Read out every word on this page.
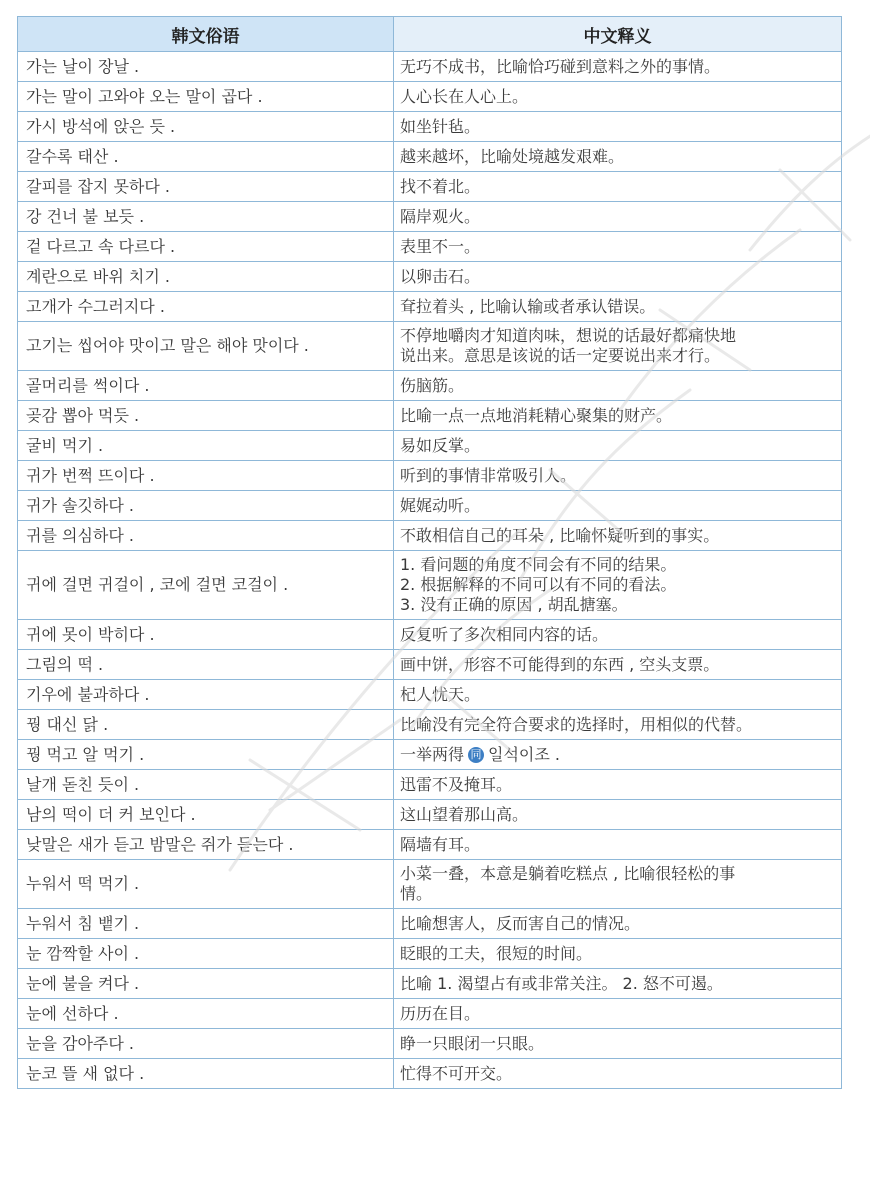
韩文俗语	中文释义
가는 날이 장날 .	无巧不成书，比喻恰巧碰到意料之外的事情。

가는 말이 고와야 오는 말이 곱다 .	人心长在人心上。

가시 방석에 앉은 듯 .	如坐针毡。

갈수록 태산 .	越来越坏，比喻处境越发艰难。

갈피를 잡지 못하다 .	找不着北。

강 건너 불 보듯 .	隔岸观火。

겉 다르고 속 다르다 .	表里不一。

계란으로 바위 치기 .	以卵击石。

고개가 수그러지다 .	耷拉着头 , 比喻认输或者承认错误。

고기는 씹어야 맛이고 말은 해야 맛이다 .	不停地嚼肉才知道肉味，想说的话最好都痛快地
说出来。意思是该说的话一定要说出来才行。

골머리를 썩이다 .	伤脑筋。

곶감 뽑아 먹듯 .	比喻一点一点地消耗精心聚集的财产。

굴비 먹기 .	易如反掌。

귀가 번쩍 뜨이다 .	听到的事情非常吸引人。

귀가 솔깃하다 .	娓娓动听。

귀를 의심하다 .	不敢相信自己的耳朵 , 比喻怀疑听到的事实。

귀에 걸면 귀걸이 , 코에 걸면 코걸이 .	1. 看问题的角度不同会有不同的结果。
2. 根据解释的不同可以有不同的看法。
3. 没有正确的原因 , 胡乱搪塞。

귀에 못이 박히다 .	反复听了多次相同内容的话。

그림의 떡 .	画中饼，形容不可能得到的东西 , 空头支票。

기우에 불과하다 .	杞人忧天。

꿩 대신 닭 .	比喻没有完全符合要求的选择时，用相似的代替。

꿩 먹고 알 먹기 .	一举两得 同 일석이조 .
날개 돋친 듯이 .	迅雷不及掩耳。

남의 떡이 더 커 보인다 .	这山望着那山高。

낮말은 새가 듣고 밤말은 쥐가 듣는다 .	隔墙有耳。

누워서 떡 먹기 .	小菜一叠，本意是躺着吃糕点 , 比喻很轻松的事
情。

누워서 침 뱉기 .	比喻想害人，反而害自己的情况。

눈 깜짝할 사이 .	眨眼的工夫，很短的时间。

눈에 불을 켜다 .	比喻 1. 渴望占有或非常关注。 2. 怒不可遏。

눈에 선하다 .	历历在目。

눈을 감아주다 .	睁一只眼闭一只眼。

눈코 뜰 새 없다 .	忙得不可开交。
